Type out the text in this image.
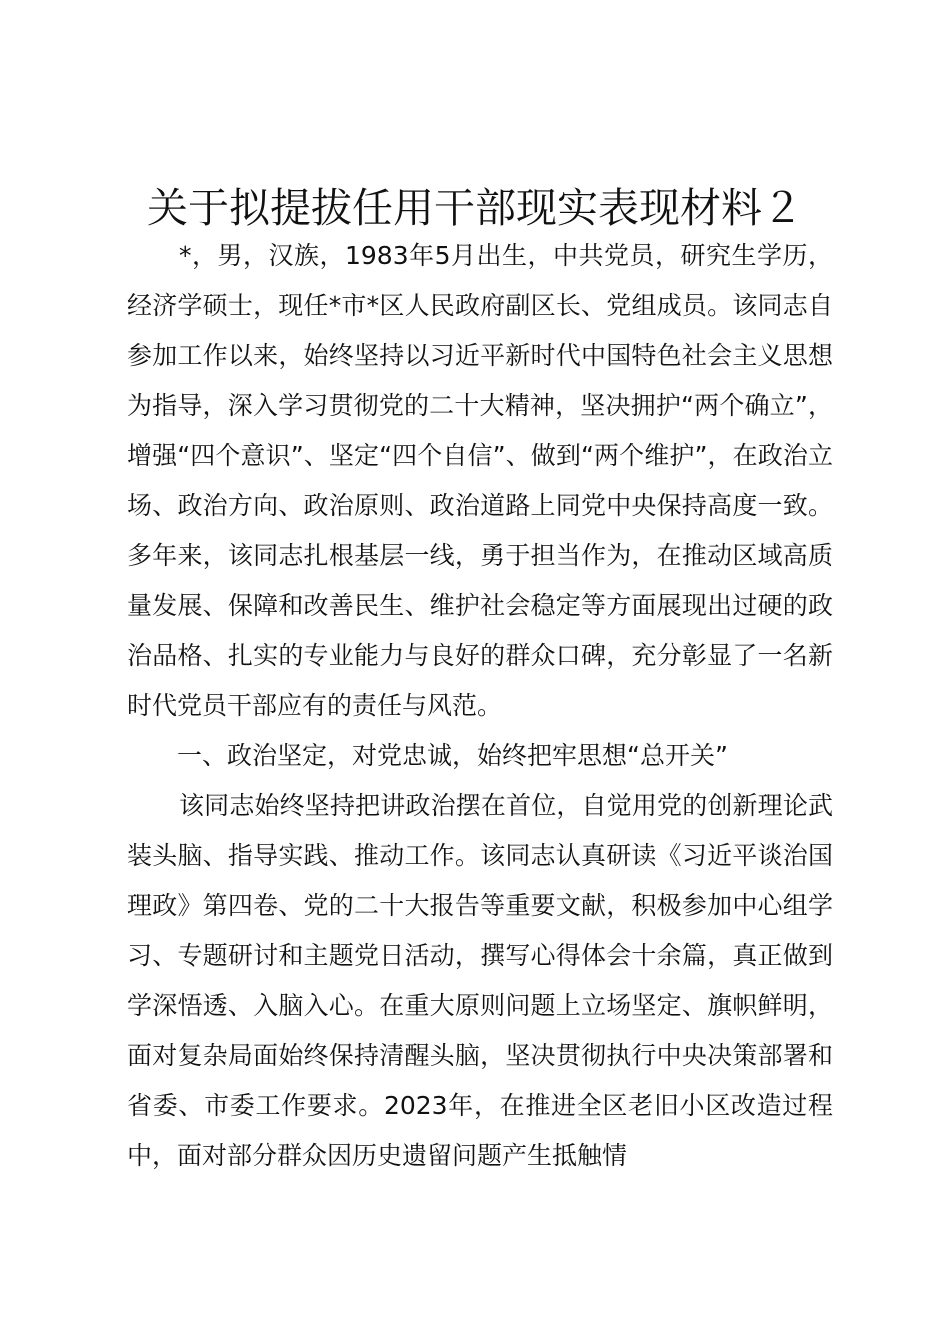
关于拟提拔任用干部现实表现材料２

*，男，汉族，1983年5月出生，中共党员，研究生学历，经济学硕士，现任*市*区人民政府副区长、党组成员。该同志自参加工作以来，始终坚持以习近平新时代中国特色社会主义思想为指导，深入学习贯彻党的二十大精神，坚决拥护“两个确立”，增强“四个意识”、坚定“四个自信”、做到“两个维护”，在政治立场、政治方向、政治原则、政治道路上同党中央保持高度一致。多年来，该同志扎根基层一线，勇于担当作为，在推动区域高质量发展、保障和改善民生、维护社会稳定等方面展现出过硬的政治品格、扎实的专业能力与良好的群众口碑，充分彰显了一名新时代党员干部应有的责任与风范。

一、政治坚定，对党忠诚，始终把牢思想“总开关”

该同志始终坚持把讲政治摆在首位，自觉用党的创新理论武装头脑、指导实践、推动工作。该同志认真研读《习近平谈治国理政》第四卷、党的二十大报告等重要文献，积极参加中心组学习、专题研讨和主题党日活动，撰写心得体会十余篇，真正做到学深悟透、入脑入心。在重大原则问题上立场坚定、旗帜鲜明，面对复杂局面始终保持清醒头脑，坚决贯彻执行中央决策部署和省委、市委工作要求。2023年，在推进全区老旧小区改造过程中，面对部分群众因历史遗留问题产生抵触情
